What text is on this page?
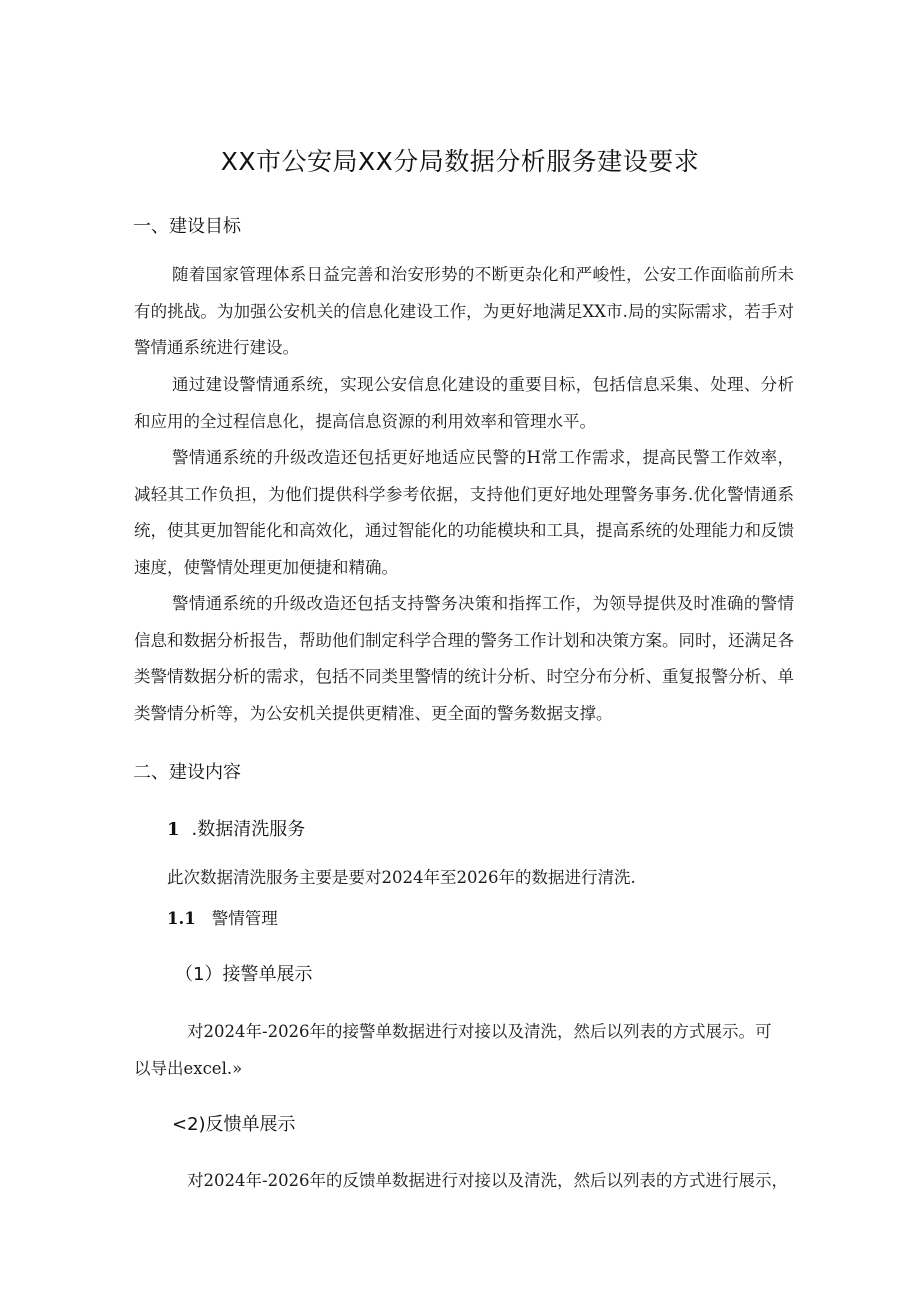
XX市公安局XX分局数据分析服务建设要求
一、建设目标

随着国家管理体系日益完善和治安形势的不断更杂化和严峻性，公安工作面临前所未有的挑战。为加强公安机关的信息化建设工作，为更好地满足XX市.局的实际需求，若手对警情通系统进行建设。

通过建设警情通系统，实现公安信息化建设的重要目标，包括信息采集、处理、分析和应用的全过程信息化，提高信息资源的利用效率和管理水平。

警情通系统的升级改造还包括更好地适应民警的H常工作需求，提高民警工作效率，减轻其工作负担，为他们提供科学参考依据，支持他们更好地处理警务事务.优化警情通系统，使其更加智能化和高效化，通过智能化的功能模块和工具，提高系统的处理能力和反馈速度，使警情处理更加便捷和精确。

警情通系统的升级改造还包括支持警务决策和指挥工作，为领导提供及时准确的警情信息和数据分析报告，帮助他们制定科学合理的警务工作计划和决策方案。同时，还满足各类警情数据分析的需求，包括不同类里警情的统计分析、时空分布分析、重复报警分析、单类警情分析等，为公安机关提供更精准、更全面的警务数据支撑。

二、建设内容
1 .数据清洗服务
此次数据清洗服务主要是要对2024年至2026年的数据进行清洗.
1.1 警情管理
（1）接警单展示
对2024年-2026年的接警单数据进行对接以及清洗，然后以列表的方式展示。可
以导出excel.»
<2)反愦单展示
对2024年-2026年的反馈单数据进行对接以及清洗，然后以列表的方式进行展示，
